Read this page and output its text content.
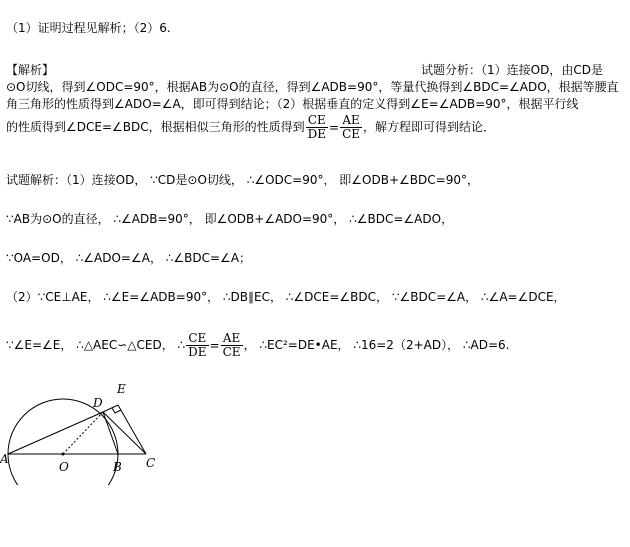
（1）证明过程见解析；（2）6.
【解析】	试题分析：（1）连接OD，由CD是
⊙O切线，得到∠ODC=90°，根据AB为⊙O的直径，得到∠ADB=90°，等量代换得到∠BDC=∠ADO，根据等腰直
角三角形的性质得到∠ADO=∠A，即可得到结论；（2）根据垂直的定义得到∠E=∠ADB=90°，根据平行线
的性质得到∠DCE=∠BDC，根据相似三角形的性质得到 $\frac{CE}{DE} = \frac{AE}{CE}$ ，解方程即可得到结论．
试题解析：（1）连接OD， ∵CD是⊙O切线， ∴∠ODC=90°， 即∠ODB+∠BDC=90°，
∵AB为⊙O的直径， ∴∠ADB=90°， 即∠ODB+∠ADO=90°， ∴∠BDC=∠ADO，
∵OA=OD， ∴∠ADO=∠A， ∴∠BDC=∠A；
（2）∵CE⊥AE， ∴∠E=∠ADB=90°， ∴DB∥EC， ∴∠DCE=∠BDC， ∵∠BDC=∠A， ∴∠A=∠DCE，
∵∠E=∠E， ∴△AEC∽△CED， ∴ $\frac{CE}{DE} = \frac{AE}{CE}$ ， ∴EC²=DE•AE， ∴16=2（2+AD）， ∴AD=6.
E
D
A
O	B C
